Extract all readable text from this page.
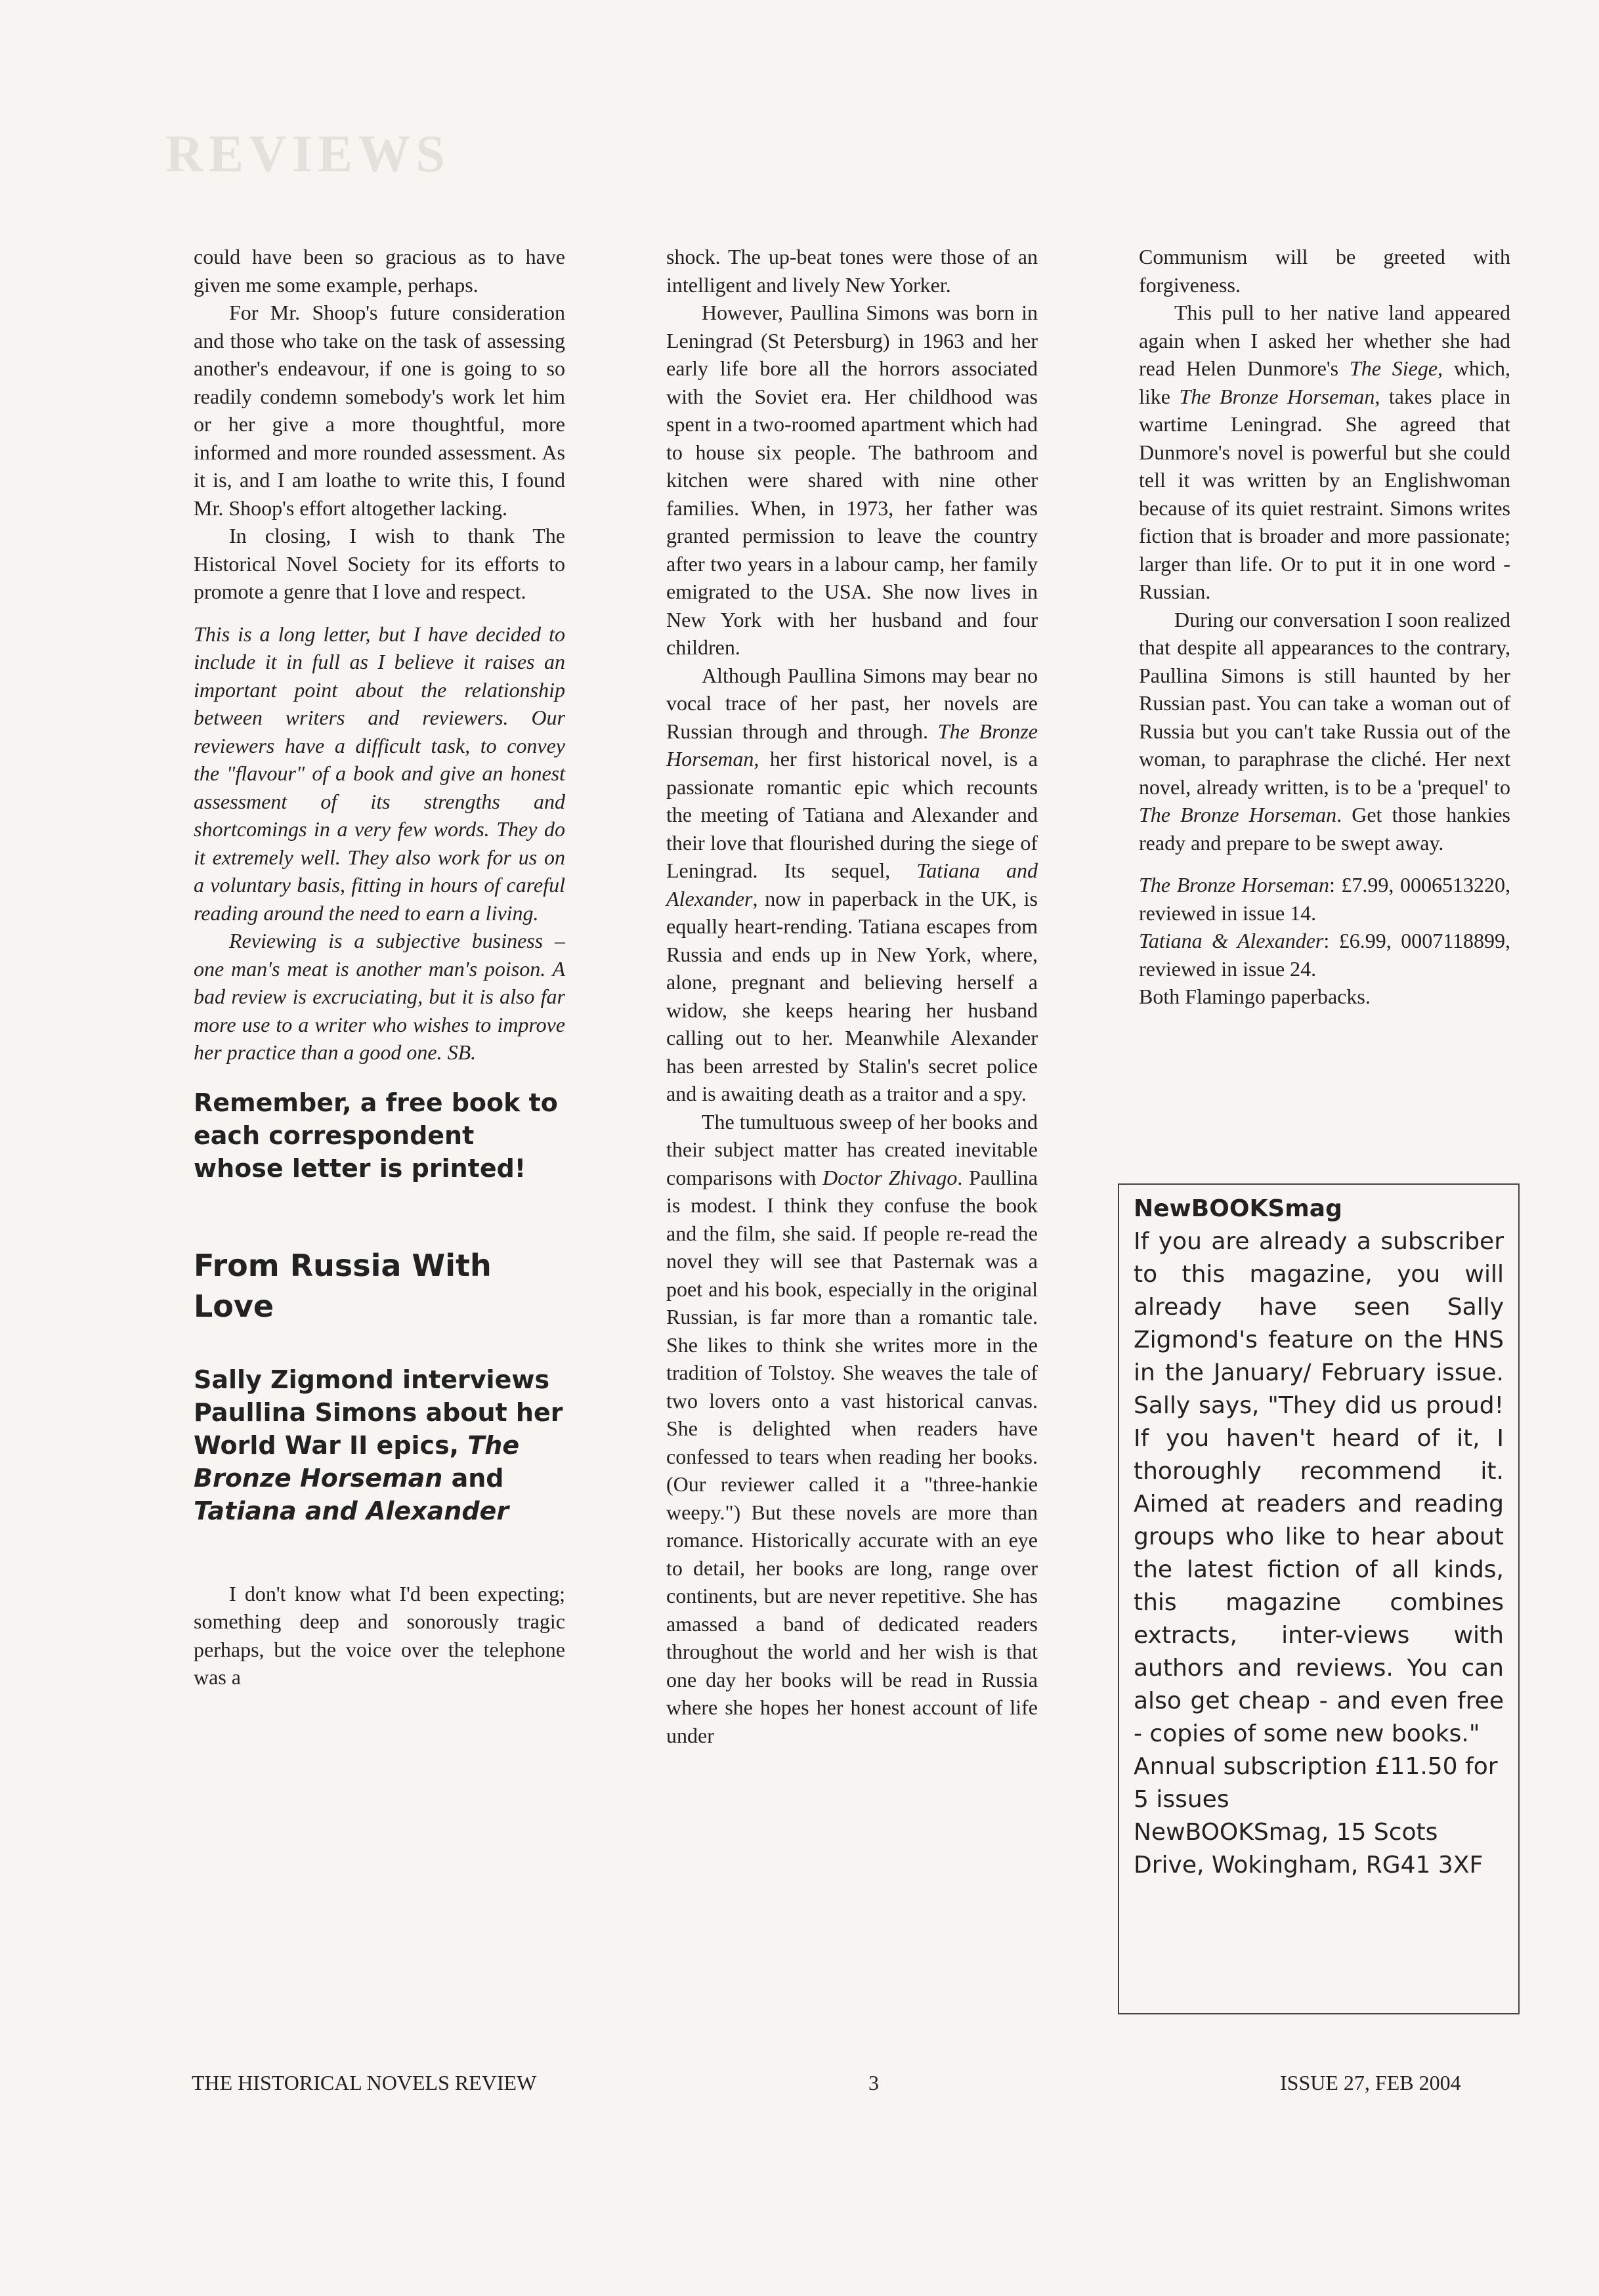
REVIEWS

could have been so gracious as to have given me some example, perhaps.

For Mr. Shoop's future consideration and those who take on the task of assessing another's endeavour, if one is going to so readily condemn somebody's work let him or her give a more thoughtful, more informed and more rounded assessment. As it is, and I am loathe to write this, I found Mr. Shoop's effort altogether lacking.

In closing, I wish to thank The Historical Novel Society for its efforts to promote a genre that I love and respect.

This is a long letter, but I have decided to include it in full as I believe it raises an important point about the relationship between writers and reviewers. Our reviewers have a difficult task, to convey the "flavour" of a book and give an honest assessment of its strengths and shortcomings in a very few words. They do it extremely well. They also work for us on a voluntary basis, fitting in hours of careful reading around the need to earn a living.

Reviewing is a subjective business – one man's meat is another man's poison. A bad review is excruciating, but it is also far more use to a writer who wishes to improve her practice than a good one. SB.

Remember, a free book to each correspondent whose letter is printed!
From Russia With Love
Sally Zigmond interviews Paullina Simons about her World War II epics, The Bronze Horseman and Tatiana and Alexander

I don't know what I'd been expecting; something deep and sonorously tragic perhaps, but the voice over the telephone was a

shock. The up-beat tones were those of an intelligent and lively New Yorker.

However, Paullina Simons was born in Leningrad (St Petersburg) in 1963 and her early life bore all the horrors associated with the Soviet era. Her childhood was spent in a two-roomed apartment which had to house six people. The bathroom and kitchen were shared with nine other families. When, in 1973, her father was granted permission to leave the country after two years in a labour camp, her family emigrated to the USA. She now lives in New York with her husband and four children.

Although Paullina Simons may bear no vocal trace of her past, her novels are Russian through and through. The Bronze Horseman, her first historical novel, is a passionate romantic epic which recounts the meeting of Tatiana and Alexander and their love that flourished during the siege of Leningrad. Its sequel, Tatiana and Alexander, now in paperback in the UK, is equally heart-rending. Tatiana escapes from Russia and ends up in New York, where, alone, pregnant and believing herself a widow, she keeps hearing her husband calling out to her. Meanwhile Alexander has been arrested by Stalin's secret police and is awaiting death as a traitor and a spy.

The tumultuous sweep of her books and their subject matter has created inevitable comparisons with Doctor Zhivago. Paullina is modest. I think they confuse the book and the film, she said. If people re-read the novel they will see that Pasternak was a poet and his book, especially in the original Russian, is far more than a romantic tale. She likes to think she writes more in the tradition of Tolstoy. She weaves the tale of two lovers onto a vast historical canvas. She is delighted when readers have confessed to tears when reading her books. (Our reviewer called it a "three-hankie weepy.") But these novels are more than romance. Historically accurate with an eye to detail, her books are long, range over continents, but are never repetitive. She has amassed a band of dedicated readers throughout the world and her wish is that one day her books will be read in Russia where she hopes her honest account of life under

Communism will be greeted with forgiveness.

This pull to her native land appeared again when I asked her whether she had read Helen Dunmore's The Siege, which, like The Bronze Horseman, takes place in wartime Leningrad. She agreed that Dunmore's novel is powerful but she could tell it was written by an Englishwoman because of its quiet restraint. Simons writes fiction that is broader and more passionate; larger than life. Or to put it in one word - Russian.

During our conversation I soon realized that despite all appearances to the contrary, Paullina Simons is still haunted by her Russian past. You can take a woman out of Russia but you can't take Russia out of the woman, to paraphrase the cliché. Her next novel, already written, is to be a 'prequel' to The Bronze Horseman. Get those hankies ready and prepare to be swept away.

The Bronze Horseman: £7.99, 0006513220, reviewed in issue 14.

Tatiana & Alexander: £6.99, 0007118899, reviewed in issue 24.

Both Flamingo paperbacks.

NewBOOKSmag

If you are already a subscriber to this magazine, you will already have seen Sally Zigmond's feature on the HNS in the January/ February issue. Sally says, "They did us proud! If you haven't heard of it, I thoroughly recommend it. Aimed at readers and reading groups who like to hear about the latest fiction of all kinds, this magazine combines extracts, inter-views with authors and reviews. You can also get cheap - and even free - copies of some new books."

Annual subscription £11.50 for 5 issues

NewBOOKSmag, 15 Scots Drive, Wokingham, RG41 3XF

THE HISTORICAL NOVELS REVIEW	3	ISSUE 27, FEB 2004
